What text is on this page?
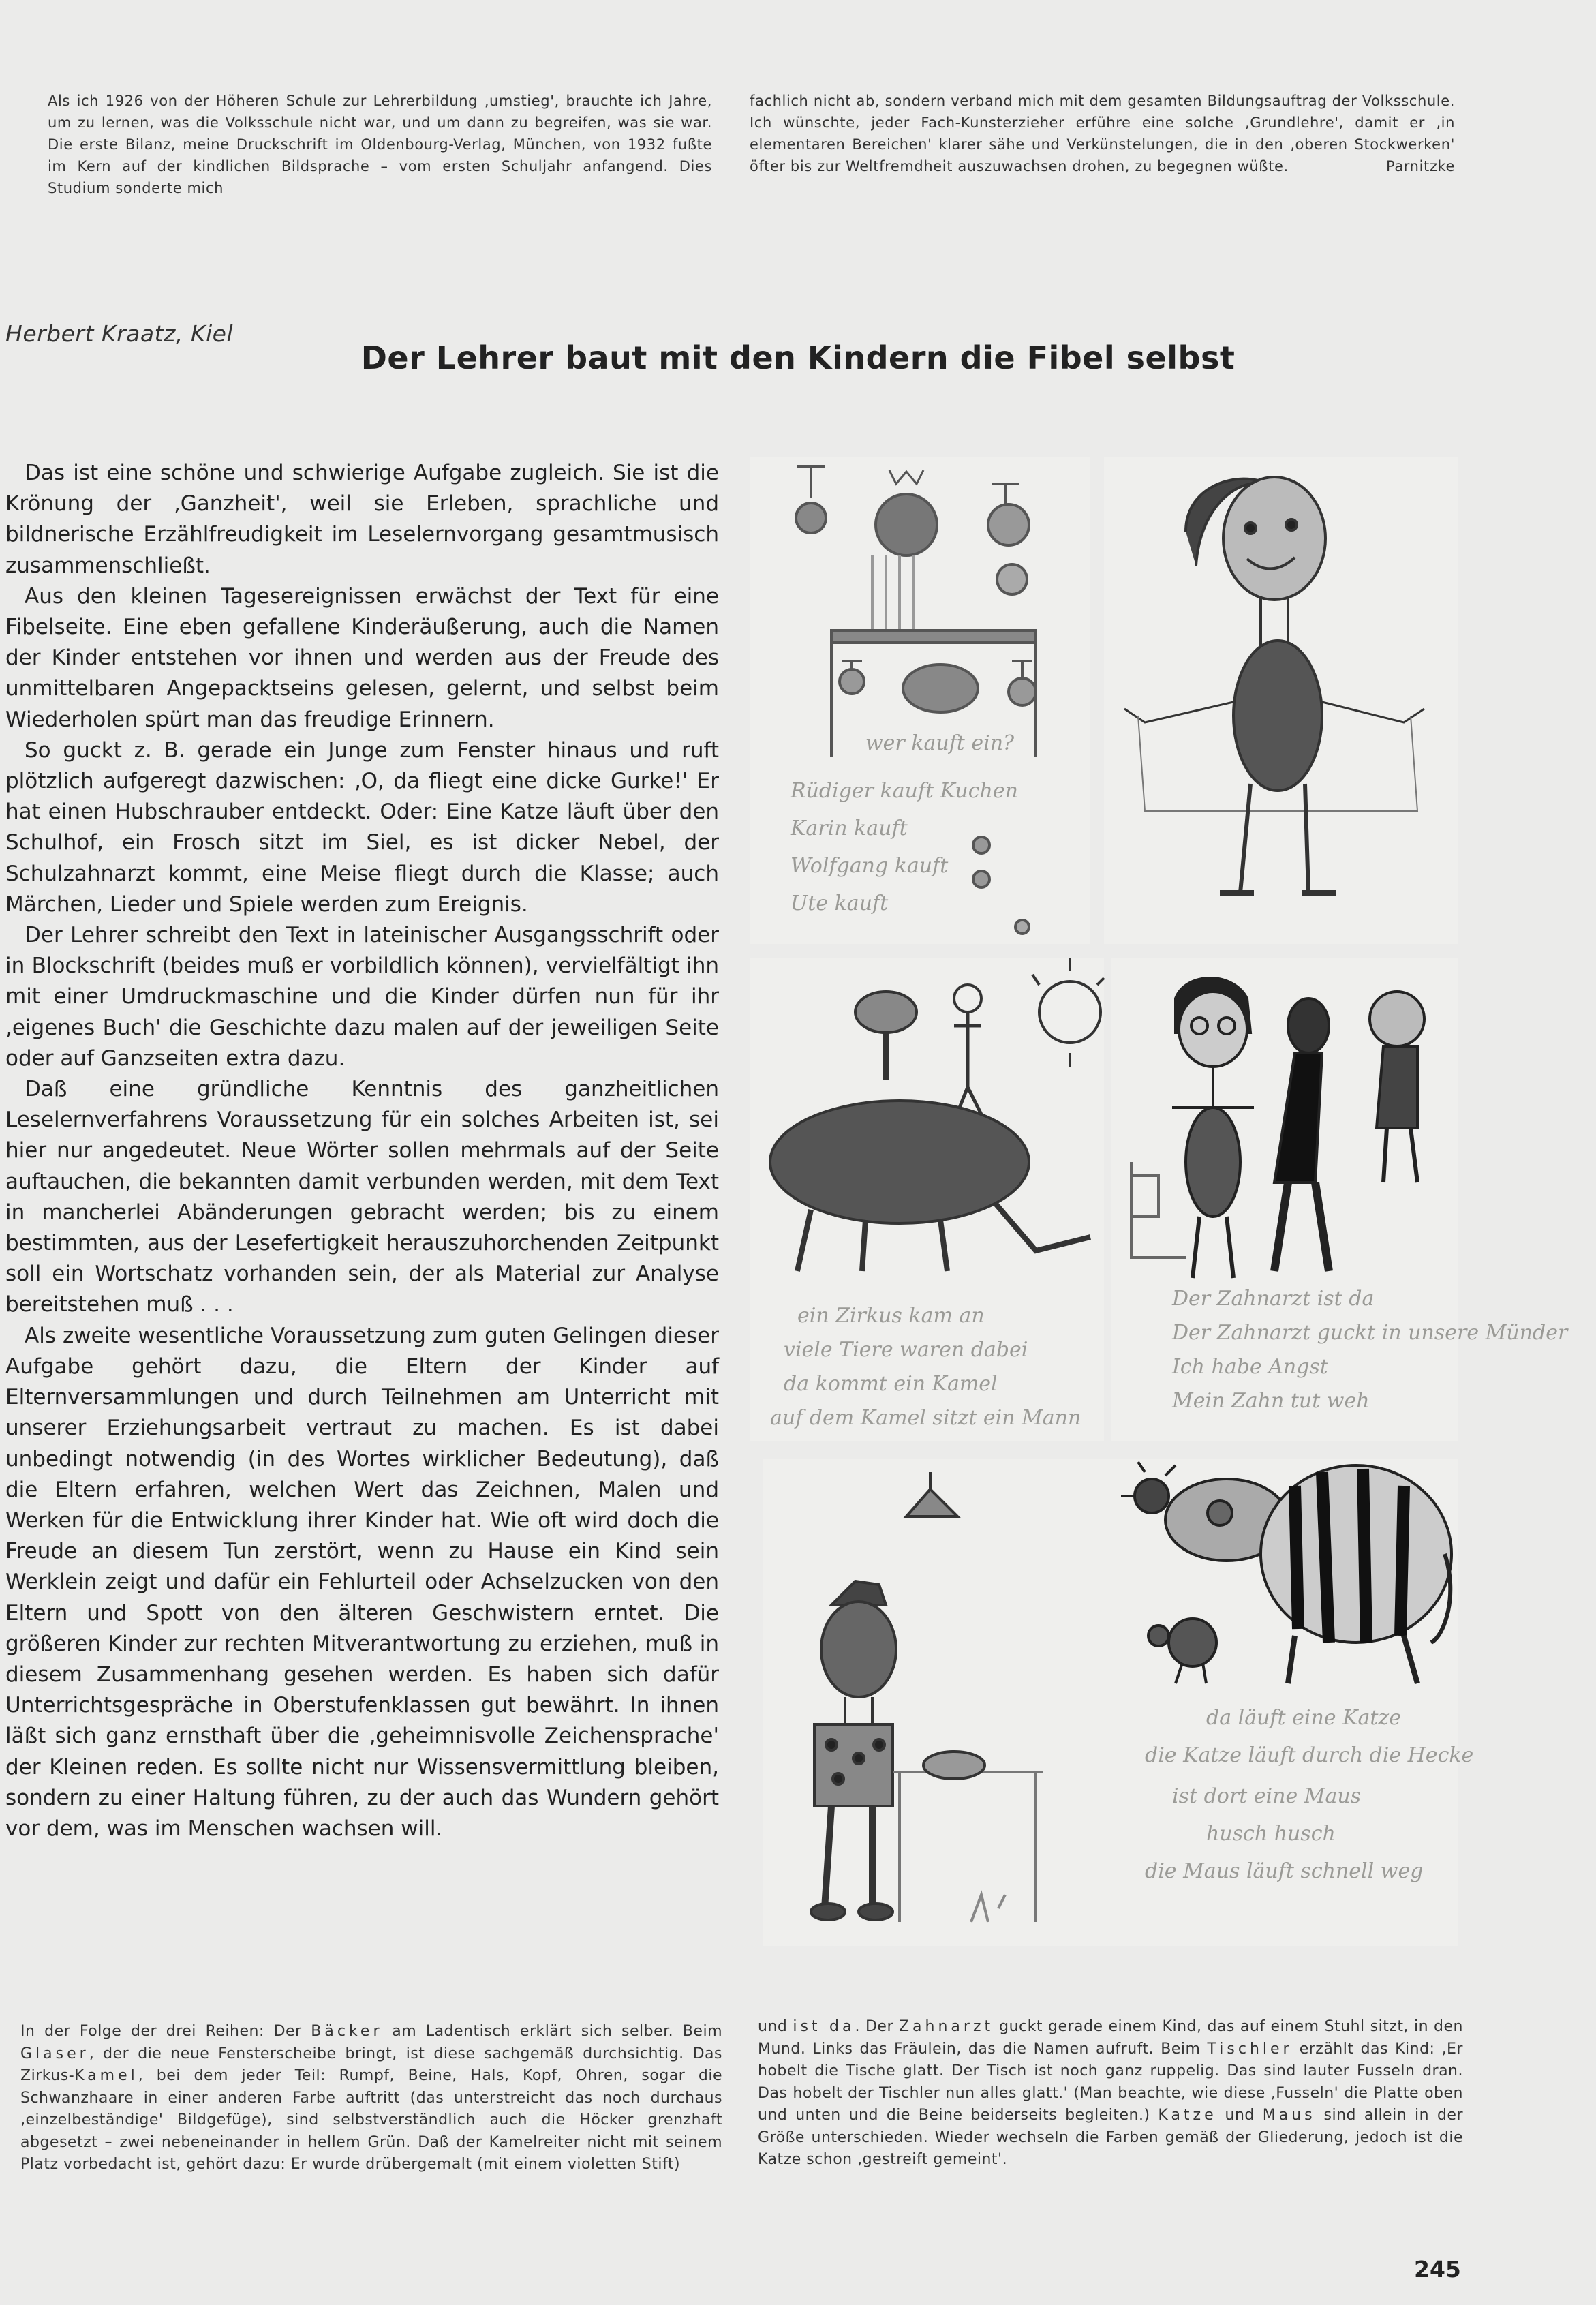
Als ich 1926 von der Höheren Schule zur Lehrerbildung ‚umstieg', brauchte ich Jahre, um zu lernen, was die Volksschule nicht war, und um dann zu begreifen, was sie war. Die erste Bilanz, meine Druckschrift im Oldenbourg-Verlag, München, von 1932 fußte im Kern auf der kindlichen Bildsprache – vom ersten Schuljahr anfangend. Dies Studium sonderte mich
fachlich nicht ab, sondern verband mich mit dem gesamten Bildungsauftrag der Volksschule. Ich wünschte, jeder Fach-Kunsterzieher erführe eine solche ‚Grundlehre', damit er ‚in elementaren Bereichen' klarer sähe und Verkünstelungen, die in den ‚oberen Stockwerken' öfter bis zur Weltfremdheit auszuwachsen drohen, zu begegnen wüßte.	Parnitzke
Herbert Kraatz, Kiel
Der Lehrer baut mit den Kindern die Fibel selbst

Das ist eine schöne und schwierige Aufgabe zugleich. Sie ist die Krönung der ‚Ganzheit', weil sie Erleben, sprachliche und bildnerische Erzählfreudigkeit im Leselernvorgang gesamtmusisch zusammenschließt.

Aus den kleinen Tagesereignissen erwächst der Text für eine Fibelseite. Eine eben gefallene Kinderäußerung, auch die Namen der Kinder entstehen vor ihnen und werden aus der Freude des unmittelbaren Angepacktseins gelesen, gelernt, und selbst beim Wiederholen spürt man das freudige Erinnern.

So guckt z. B. gerade ein Junge zum Fenster hinaus und ruft plötzlich aufgeregt dazwischen: ‚O, da fliegt eine dicke Gurke!' Er hat einen Hubschrauber entdeckt. Oder: Eine Katze läuft über den Schulhof, ein Frosch sitzt im Siel, es ist dicker Nebel, der Schulzahnarzt kommt, eine Meise fliegt durch die Klasse; auch Märchen, Lieder und Spiele werden zum Ereignis.

Der Lehrer schreibt den Text in lateinischer Ausgangsschrift oder in Blockschrift (beides muß er vorbildlich können), vervielfältigt ihn mit einer Umdruckmaschine und die Kinder dürfen nun für ihr ‚eigenes Buch' die Geschichte dazu malen auf der jeweiligen Seite oder auf Ganzseiten extra dazu.

Daß eine gründliche Kenntnis des ganzheitlichen Leselernverfahrens Voraussetzung für ein solches Arbeiten ist, sei hier nur angedeutet. Neue Wörter sollen mehrmals auf der Seite auftauchen, die bekannten damit verbunden werden, mit dem Text in mancherlei Abänderungen gebracht werden; bis zu einem bestimmten, aus der Lesefertigkeit herauszuhorchenden Zeitpunkt soll ein Wortschatz vorhanden sein, der als Material zur Analyse bereitstehen muß . . .

Als zweite wesentliche Voraussetzung zum guten Gelingen dieser Aufgabe gehört dazu, die Eltern der Kinder auf Elternversammlungen und durch Teilnehmen am Unterricht mit unserer Erziehungsarbeit vertraut zu machen. Es ist dabei unbedingt notwendig (in des Wortes wirklicher Bedeutung), daß die Eltern erfahren, welchen Wert das Zeichnen, Malen und Werken für die Entwicklung ihrer Kinder hat. Wie oft wird doch die Freude an diesem Tun zerstört, wenn zu Hause ein Kind sein Werklein zeigt und dafür ein Fehlurteil oder Achselzucken von den Eltern und Spott von den älteren Geschwistern erntet. Die größeren Kinder zur rechten Mitverantwortung zu erziehen, muß in diesem Zusammenhang gesehen werden. Es haben sich dafür Unterrichtsgespräche in Oberstufenklassen gut bewährt. In ihnen läßt sich ganz ernsthaft über die ‚geheimnisvolle Zeichensprache' der Kleinen reden. Es sollte nicht nur Wissensvermittlung bleiben, sondern zu einer Haltung führen, zu der auch das Wundern gehört vor dem, was im Menschen wachsen will.

wer kauft ein?
Rüdiger kauft Kuchen
Karin kauft
Wolfgang kauft
Ute kauft
ein Zirkus kam an
viele Tiere waren dabei
da kommt ein Kamel
auf dem Kamel sitzt ein Mann
Der Zahnarzt ist da
Der Zahnarzt guckt in unsere Münder
Ich habe Angst
Mein Zahn tut weh
da läuft eine Katze
die Katze läuft durch die Hecke
ist dort eine Maus
husch husch
die Maus läuft schnell weg
In der Folge der drei Reihen: Der Bäcker am Ladentisch erklärt sich selber. Beim Glaser, der die neue Fensterscheibe bringt, ist diese sachgemäß durchsichtig. Das Zirkus-Kamel, bei dem jeder Teil: Rumpf, Beine, Hals, Kopf, Ohren, sogar die Schwanzhaare in einer anderen Farbe auftritt (das unterstreicht das noch durchaus ‚einzelbeständige' Bildgefüge), sind selbstverständlich auch die Höcker grenzhaft abgesetzt – zwei nebeneinander in hellem Grün. Daß der Kamelreiter nicht mit seinem Platz vorbedacht ist, gehört dazu: Er wurde drübergemalt (mit einem violetten Stift)
und ist da. Der Zahnarzt guckt gerade einem Kind, das auf einem Stuhl sitzt, in den Mund. Links das Fräulein, das die Namen aufruft. Beim Tischler erzählt das Kind: ‚Er hobelt die Tische glatt. Der Tisch ist noch ganz ruppelig. Das sind lauter Fusseln dran. Das hobelt der Tischler nun alles glatt.' (Man beachte, wie diese ‚Fusseln' die Platte oben und unten und die Beine beiderseits begleiten.) Katze und Maus sind allein in der Größe unterschieden. Wieder wechseln die Farben gemäß der Gliederung, jedoch ist die Katze schon ‚gestreift gemeint'.
245
